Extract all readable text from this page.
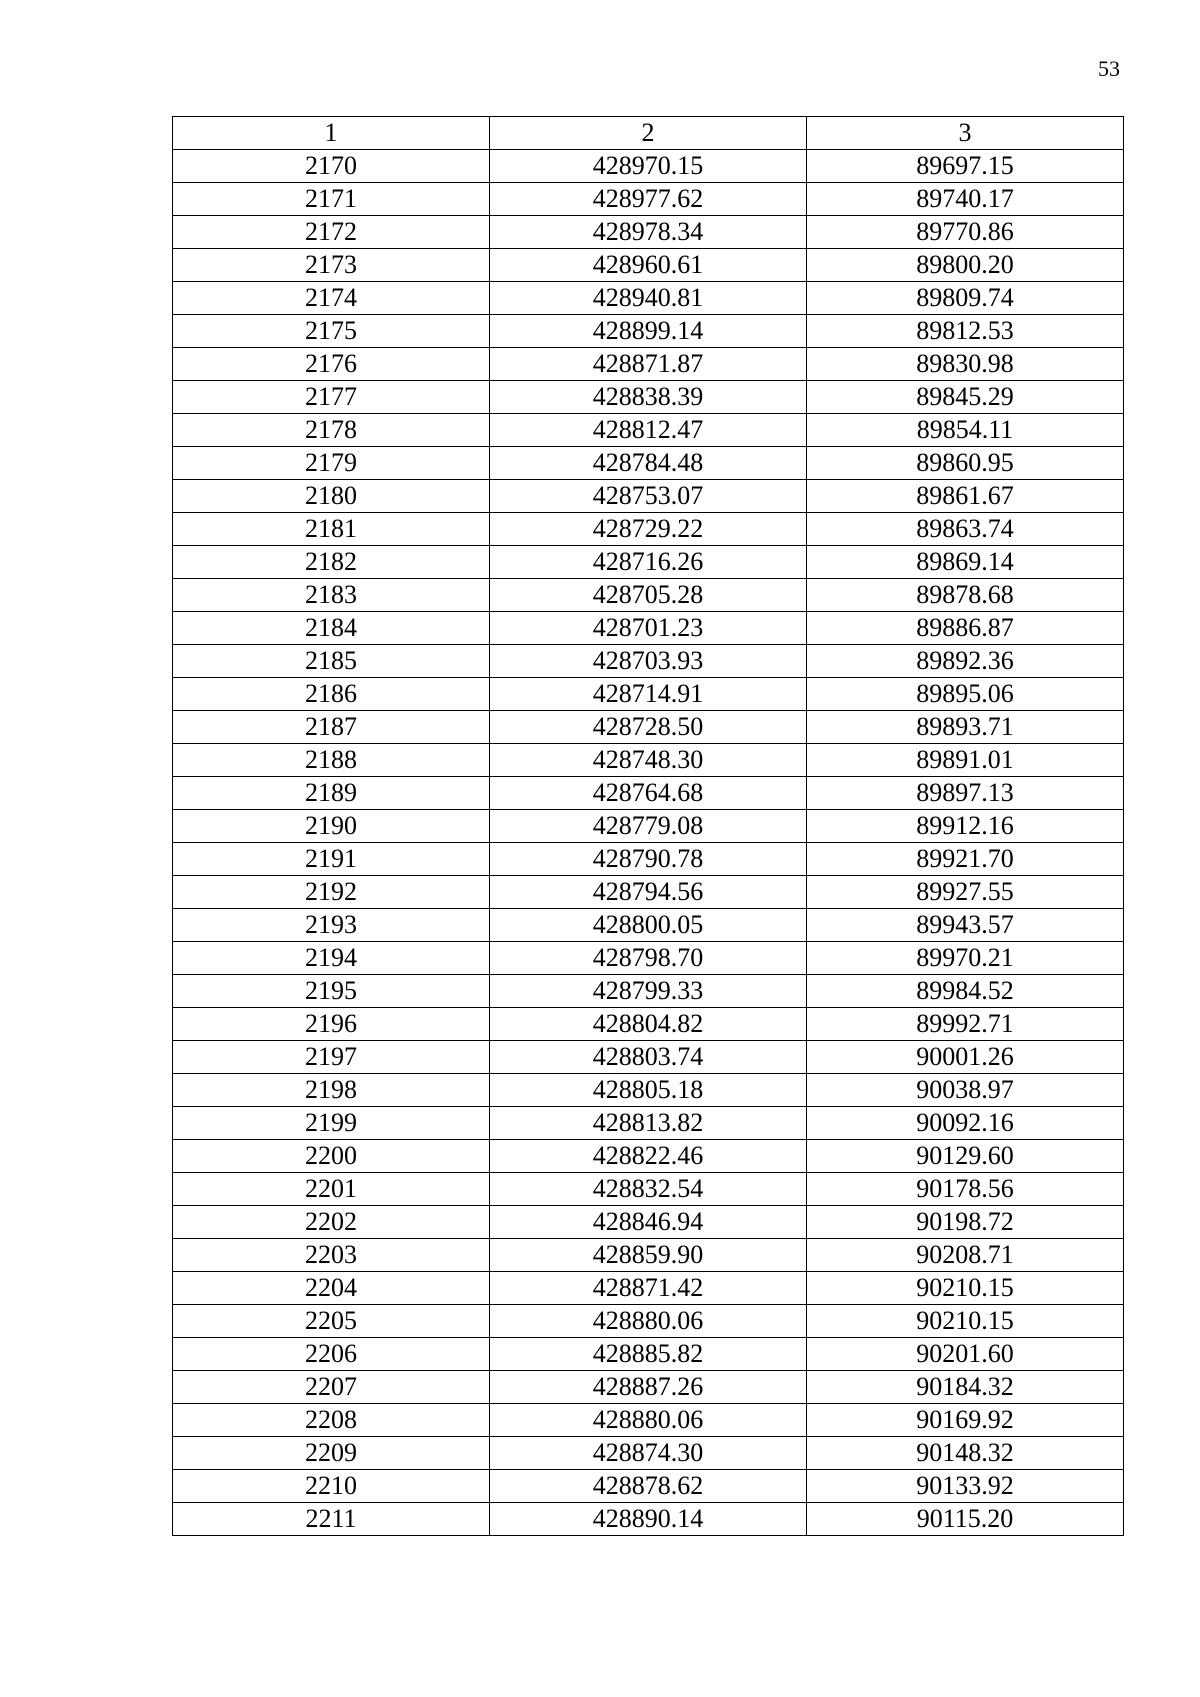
53
1	2	3
2170	428970.15	89697.15
2171	428977.62	89740.17
2172	428978.34	89770.86
2173	428960.61	89800.20
2174	428940.81	89809.74
2175	428899.14	89812.53
2176	428871.87	89830.98
2177	428838.39	89845.29
2178	428812.47	89854.11
2179	428784.48	89860.95
2180	428753.07	89861.67
2181	428729.22	89863.74
2182	428716.26	89869.14
2183	428705.28	89878.68
2184	428701.23	89886.87
2185	428703.93	89892.36
2186	428714.91	89895.06
2187	428728.50	89893.71
2188	428748.30	89891.01
2189	428764.68	89897.13
2190	428779.08	89912.16
2191	428790.78	89921.70
2192	428794.56	89927.55
2193	428800.05	89943.57
2194	428798.70	89970.21
2195	428799.33	89984.52
2196	428804.82	89992.71
2197	428803.74	90001.26
2198	428805.18	90038.97
2199	428813.82	90092.16
2200	428822.46	90129.60
2201	428832.54	90178.56
2202	428846.94	90198.72
2203	428859.90	90208.71
2204	428871.42	90210.15
2205	428880.06	90210.15
2206	428885.82	90201.60
2207	428887.26	90184.32
2208	428880.06	90169.92
2209	428874.30	90148.32
2210	428878.62	90133.92
2211	428890.14	90115.20
